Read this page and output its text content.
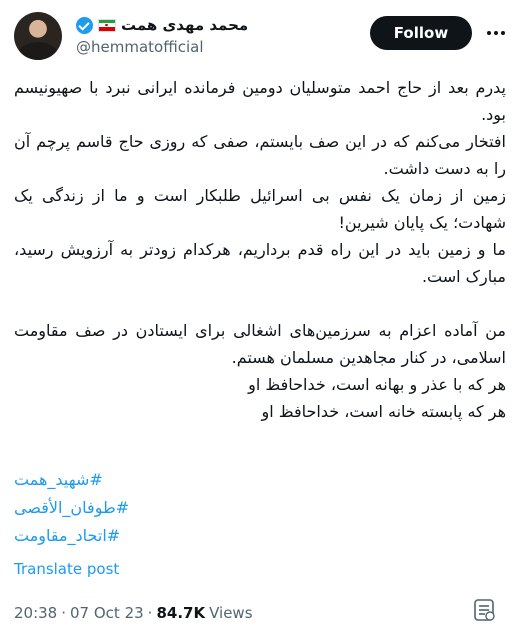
محمد مهدی همت
@hemmatofficial
Follow

پدرم بعد از حاج احمد متوسلیان دومین فرمانده ایرانی نبرد با صهیونیسم بود.

افتخار می‌کنم که در این صف بایستم، صفی که روزی حاج قاسم پرچم آن را به دست داشت.

زمین از زمان یک نفس بی اسرائیل طلبکار است و ما از زندگی یک شهادت؛ یک پایان شیرین!

ما و زمین باید در این راه قدم برداریم، هرکدام زودتر به آرزویش رسید، مبارک است.

من آماده اعزام به سرزمین‌های اشغالی برای ایستادن در صف مقاومت اسلامی، در کنار مجاهدین مسلمان هستم.

هر که با عذر و بهانه است، خداحافظ او

هر که پابسته خانه است، خداحافظ او

#شهید_همت
#طوفان_الأقصى
#اتحاد_مقاومت
Translate post
20:38 · 07 Oct 23 · 84.7K Views
